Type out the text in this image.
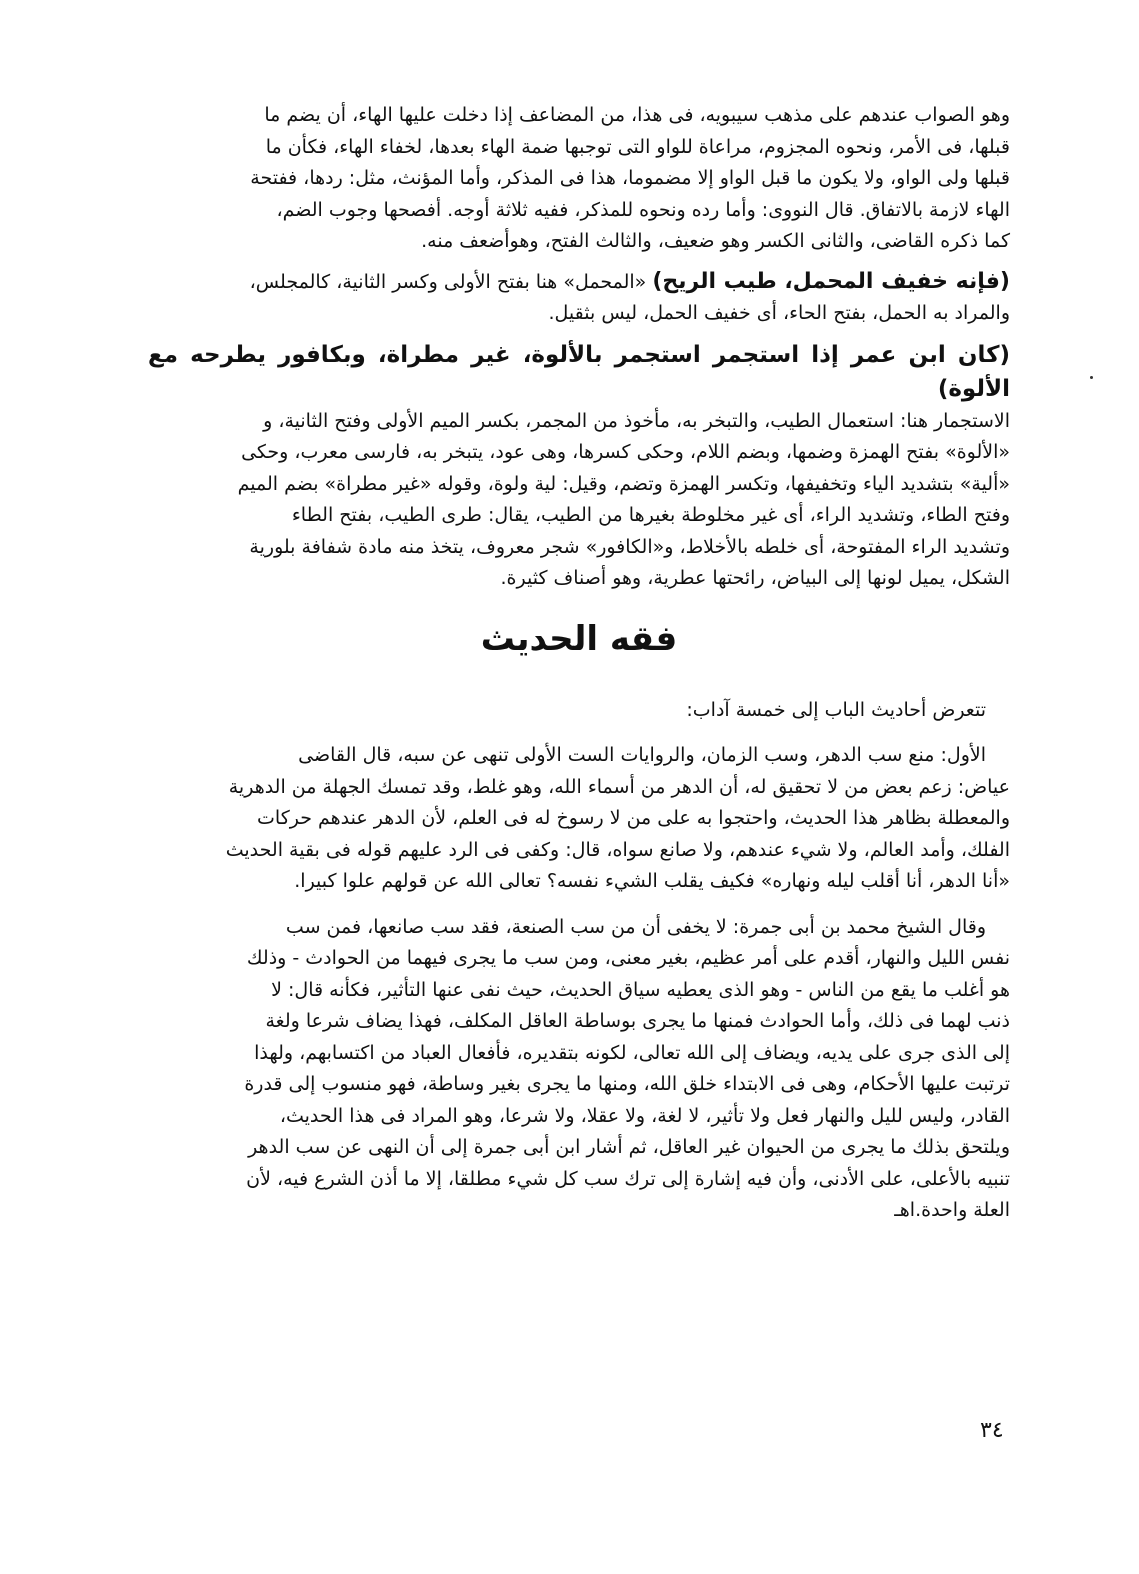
وهو الصواب عندهم على مذهب سيبويه، فى هذا، من المضاعف إذا دخلت عليها الهاء، أن يضم ما

قبلها، فى الأمر، ونحوه المجزوم، مراعاة للواو التى توجبها ضمة الهاء بعدها، لخفاء الهاء، فكأن ما

قبلها ولى الواو، ولا يكون ما قبل الواو إلا مضموما، هذا فى المذكر، وأما المؤنث، مثل: ردها، ففتحة

الهاء لازمة بالاتفاق. قال النووى: وأما رده ونحوه للمذكر، ففيه ثلاثة أوجه. أفصحها وجوب الضم،

كما ذكره القاضى، والثانى الكسر وهو ضعيف، والثالث الفتح، وهوأضعف منه.

(فإنه خفيف المحمل، طيب الريح) «المحمل» هنا بفتح الأولى وكسر الثانية، كالمجلس،

والمراد به الحمل، بفتح الحاء، أى خفيف الحمل، ليس بثقيل.

(كان ابن عمر إذا استجمر استجمر بالألوة، غير مطراة، وبكافور يطرحه مع الألوة)

الاستجمار هنا: استعمال الطيب، والتبخر به، مأخوذ من المجمر، بكسر الميم الأولى وفتح الثانية، و

«الألوة» بفتح الهمزة وضمها، وبضم اللام، وحكى كسرها، وهى عود، يتبخر به، فارسى معرب، وحكى

«ألية» بتشديد الياء وتخفيفها، وتكسر الهمزة وتضم، وقيل: لية ولوة، وقوله «غير مطراة» بضم الميم

وفتح الطاء، وتشديد الراء، أى غير مخلوطة بغيرها من الطيب، يقال: طرى الطيب، بفتح الطاء

وتشديد الراء المفتوحة، أى خلطه بالأخلاط، و«الكافور» شجر معروف، يتخذ منه مادة شفافة بلورية

الشكل، يميل لونها إلى البياض، رائحتها عطرية، وهو أصناف كثيرة.

فقه الحديث

تتعرض أحاديث الباب إلى خمسة آداب:

الأول: منع سب الدهر، وسب الزمان، والروايات الست الأولى تنهى عن سبه، قال القاضى

عياض: زعم بعض من لا تحقيق له، أن الدهر من أسماء الله، وهو غلط، وقد تمسك الجهلة من الدهرية

والمعطلة بظاهر هذا الحديث، واحتجوا به على من لا رسوخ له فى العلم، لأن الدهر عندهم حركات

الفلك، وأمد العالم، ولا شيء عندهم، ولا صانع سواه، قال: وكفى فى الرد عليهم قوله فى بقية الحديث

«أنا الدهر، أنا أقلب ليله ونهاره» فكيف يقلب الشيء نفسه؟ تعالى الله عن قولهم علوا كبيرا.

وقال الشيخ محمد بن أبى جمرة: لا يخفى أن من سب الصنعة، فقد سب صانعها، فمن سب

نفس الليل والنهار، أقدم على أمر عظيم، بغير معنى، ومن سب ما يجرى فيهما من الحوادث - وذلك

هو أغلب ما يقع من الناس - وهو الذى يعطيه سياق الحديث، حيث نفى عنها التأثير، فكأنه قال: لا

ذنب لهما فى ذلك، وأما الحوادث فمنها ما يجرى بوساطة العاقل المكلف، فهذا يضاف شرعا ولغة

إلى الذى جرى على يديه، ويضاف إلى الله تعالى، لكونه بتقديره، فأفعال العباد من اكتسابهم، ولهذا

ترتبت عليها الأحكام، وهى فى الابتداء خلق الله، ومنها ما يجرى بغير وساطة، فهو منسوب إلى قدرة

القادر، وليس لليل والنهار فعل ولا تأثير، لا لغة، ولا عقلا، ولا شرعا، وهو المراد فى هذا الحديث،

ويلتحق بذلك ما يجرى من الحيوان غير العاقل، ثم أشار ابن أبى جمرة إلى أن النهى عن سب الدهر

تنبيه بالأعلى، على الأدنى، وأن فيه إشارة إلى ترك سب كل شيء مطلقا، إلا ما أذن الشرع فيه، لأن

العلة واحدة.اهـ

٣٤
